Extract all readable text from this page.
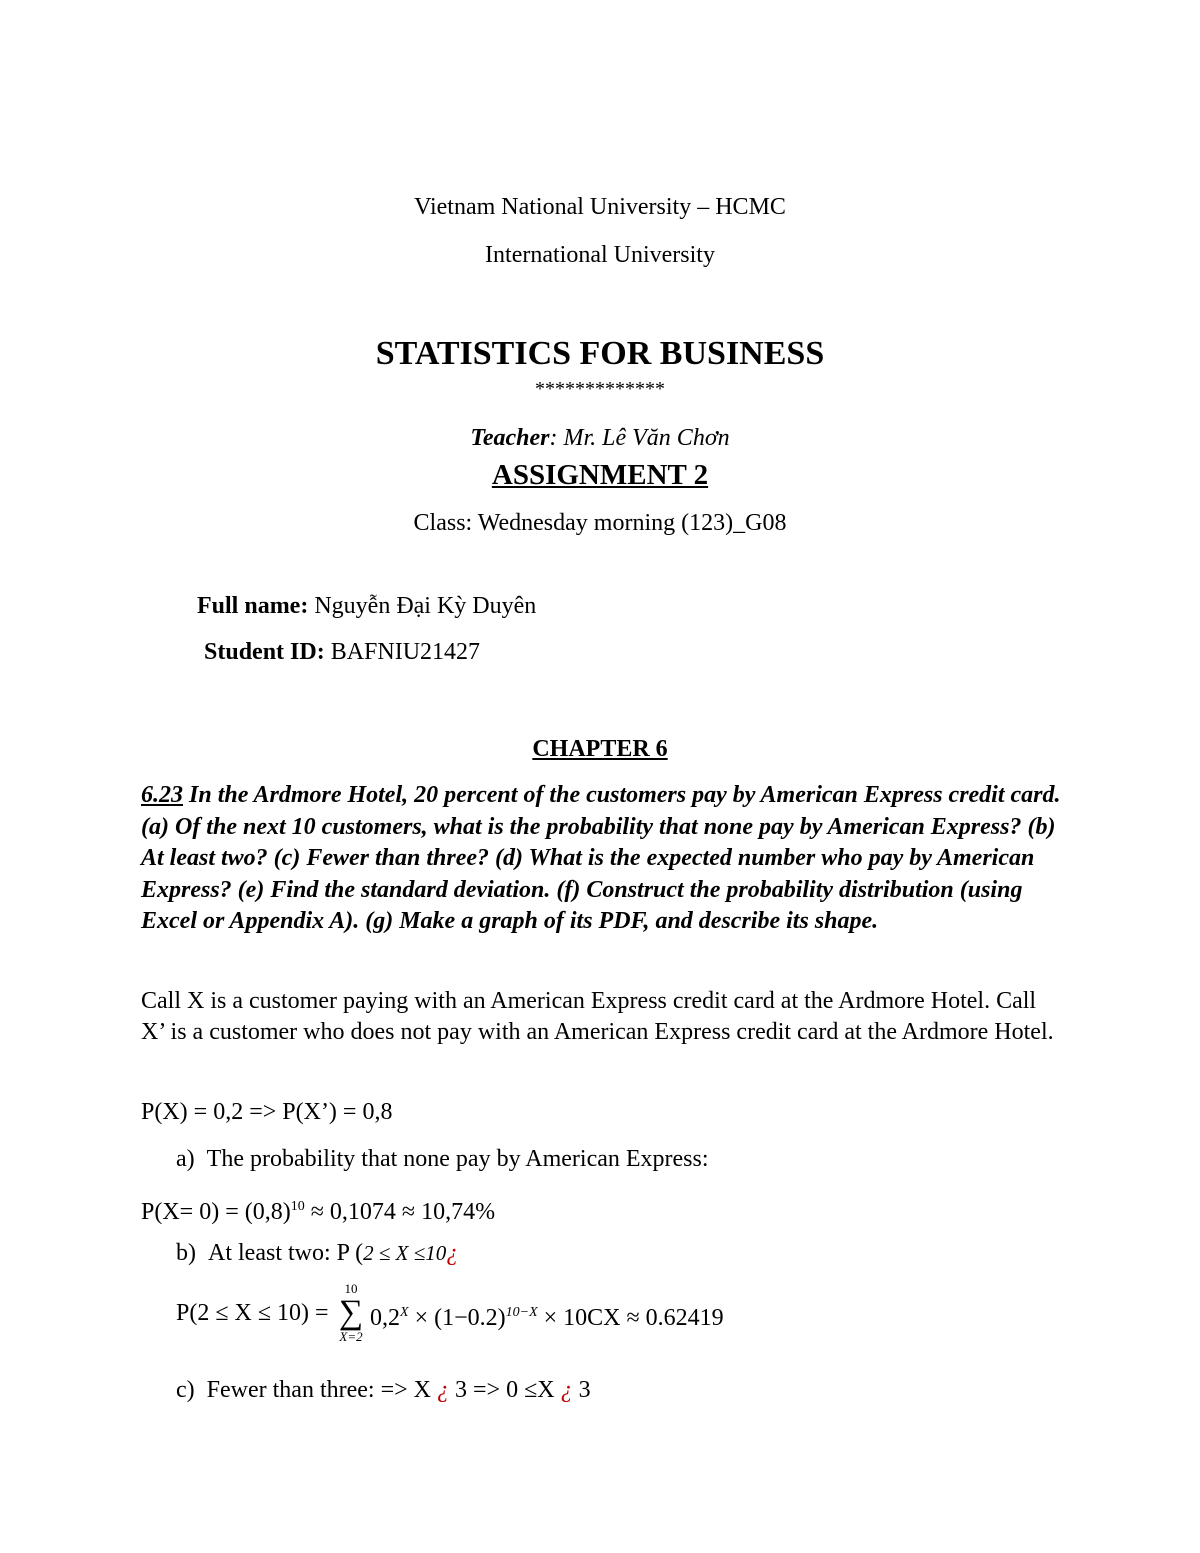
Vietnam National University – HCMC
International University
STATISTICS FOR BUSINESS
*************
Teacher: Mr. Lê Văn Chơn
ASSIGNMENT 2
Class: Wednesday morning (123)_G08
Full name: Nguyễn Đại Kỳ Duyên
Student ID: BAFNIU21427
CHAPTER 6
6.23 In the Ardmore Hotel, 20 percent of the customers pay by American Express credit card. (a) Of the next 10 customers, what is the probability that none pay by American Express? (b) At least two? (c) Fewer than three? (d) What is the expected number who pay by American Express? (e) Find the standard deviation. (f) Construct the probability distribution (using Excel or Appendix A). (g) Make a graph of its PDF, and describe its shape.
Call X is a customer paying with an American Express credit card at the Ardmore Hotel. Call X’ is a customer who does not pay with an American Express credit card at the Ardmore Hotel.
P(X) = 0,2 => P(X’) = 0,8
a) The probability that none pay by American Express:
$P(X= 0) = (0,8)^{10} \approx 0,1074 \approx 10,74\%$
b) At least two: P (2 ≤ X ≤10¿
P(2 ≤ X ≤ 10) =
10
∑
X=2
$0,2^X \times (1-0.2)^{10-X} \times 10CX \approx 0.62419$
c) Fewer than three: => X ¿ 3 => 0 ≤X ¿ 3
